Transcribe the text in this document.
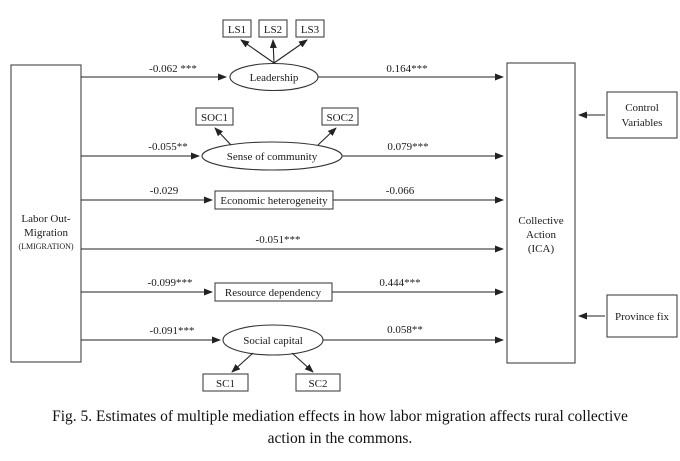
Labor Out-
Migration
(LMIGRATION)
Collective
Action
(ICA)
Leadership
-0.062 ***	0.164***
LS1 LS2 LS3
Sense of community
-0.055**	0.079***
SOC1	SOC2
Economic heterogeneity
-0.029	-0.066
-0.051***
Resource dependency
-0.099***	0.444***
Social capital
-0.091***	0.058**
SC1	SC2
Control
Variables
Province fix
Fig. 5. Estimates of multiple mediation effects in how labor migration affects rural collective
action in the commons.
